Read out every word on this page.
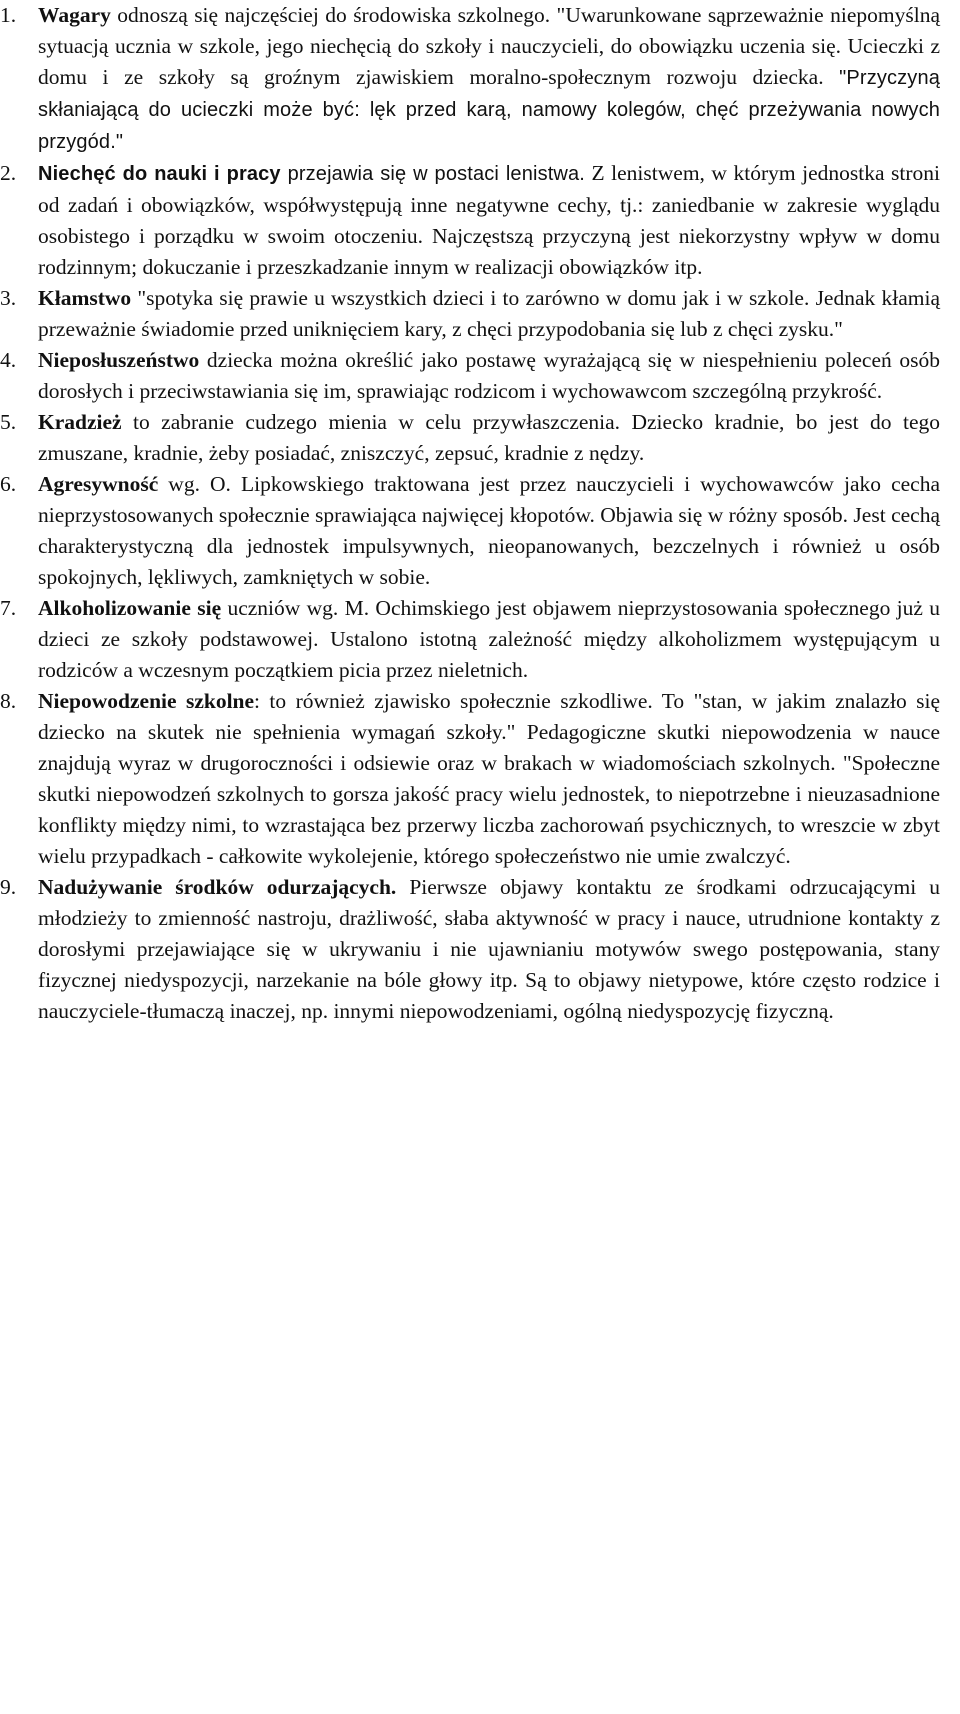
1.	Wagary odnoszą się najczęściej do środowiska szkolnego. "Uwarunkowane sąprzeważnie niepomyślną sytuacją ucznia w szkole, jego niechęcią do szkoły i nauczycieli, do obowiązku uczenia się. Ucieczki z domu i ze szkoły są groźnym zjawiskiem moralno-społecznym rozwoju dziecka. "Przyczyną skłaniającą do ucieczki może być: lęk przed karą, namowy kolegów, chęć przeżywania nowych przygód."
2.	Niechęć do nauki i pracy przejawia się w postaci lenistwa. Z lenistwem, w którym jednostka stroni od zadań i obowiązków, współwystępują inne negatywne cechy, tj.: zaniedbanie w zakresie wyglądu osobistego i porządku w swoim otoczeniu. Najczęstszą przyczyną jest niekorzystny wpływ w domu rodzinnym; dokuczanie i przeszkadzanie innym w realizacji obowiązków itp.
3.	Kłamstwo "spotyka się prawie u wszystkich dzieci i to zarówno w domu jak i w szkole. Jednak kłamią przeważnie świadomie przed uniknięciem kary, z chęci przypodobania się lub z chęci zysku."
4.	Nieposłuszeństwo dziecka można określić jako postawę wyrażającą się w niespełnieniu poleceń osób dorosłych i przeciwstawiania się im, sprawiając rodzicom i wychowawcom szczególną przykrość.
5.	Kradzież to zabranie cudzego mienia w celu przywłaszczenia. Dziecko kradnie, bo jest do tego zmuszane, kradnie, żeby posiadać, zniszczyć, zepsuć, kradnie z nędzy.
6.	Agresywność wg. O. Lipkowskiego traktowana jest przez nauczycieli i wychowawców jako cecha nieprzystosowanych społecznie sprawiająca najwięcej kłopotów. Objawia się w różny sposób. Jest cechą charakterystyczną dla jednostek impulsywnych, nieopanowanych, bezczelnych i również u osób spokojnych, lękliwych, zamkniętych w sobie.
7.	Alkoholizowanie się uczniów wg. M. Ochimskiego jest objawem nieprzystosowania społecznego już u dzieci ze szkoły podstawowej. Ustalono istotną zależność między alkoholizmem występującym u rodziców a wczesnym początkiem picia przez nieletnich.
8.	Niepowodzenie szkolne: to również zjawisko społecznie szkodliwe. To "stan, w jakim znalazło się dziecko na skutek nie spełnienia wymagań szkoły." Pedagogiczne skutki niepowodzenia w nauce znajdują wyraz w drugoroczności i odsiewie oraz w brakach w wiadomościach szkolnych. "Społeczne skutki niepowodzeń szkolnych to gorsza jakość pracy wielu jednostek, to niepotrzebne i nieuzasadnione konflikty między nimi, to wzrastająca bez przerwy liczba zachorowań psychicznych, to wreszcie w zbyt wielu przypadkach - całkowite wykolejenie, którego społeczeństwo nie umie zwalczyć.
9.	Nadużywanie środków odurzających. Pierwsze objawy kontaktu ze środkami odrzucającymi u młodzieży to zmienność nastroju, drażliwość, słaba aktywność w pracy i nauce, utrudnione kontakty z dorosłymi przejawiające się w ukrywaniu i nie ujawnianiu motywów swego postępowania, stany fizycznej niedyspozycji, narzekanie na bóle głowy itp. Są to objawy nietypowe, które często rodzice i nauczyciele-tłumaczą inaczej, np. innymi niepowodzeniami, ogólną niedyspozycję fizyczną.
